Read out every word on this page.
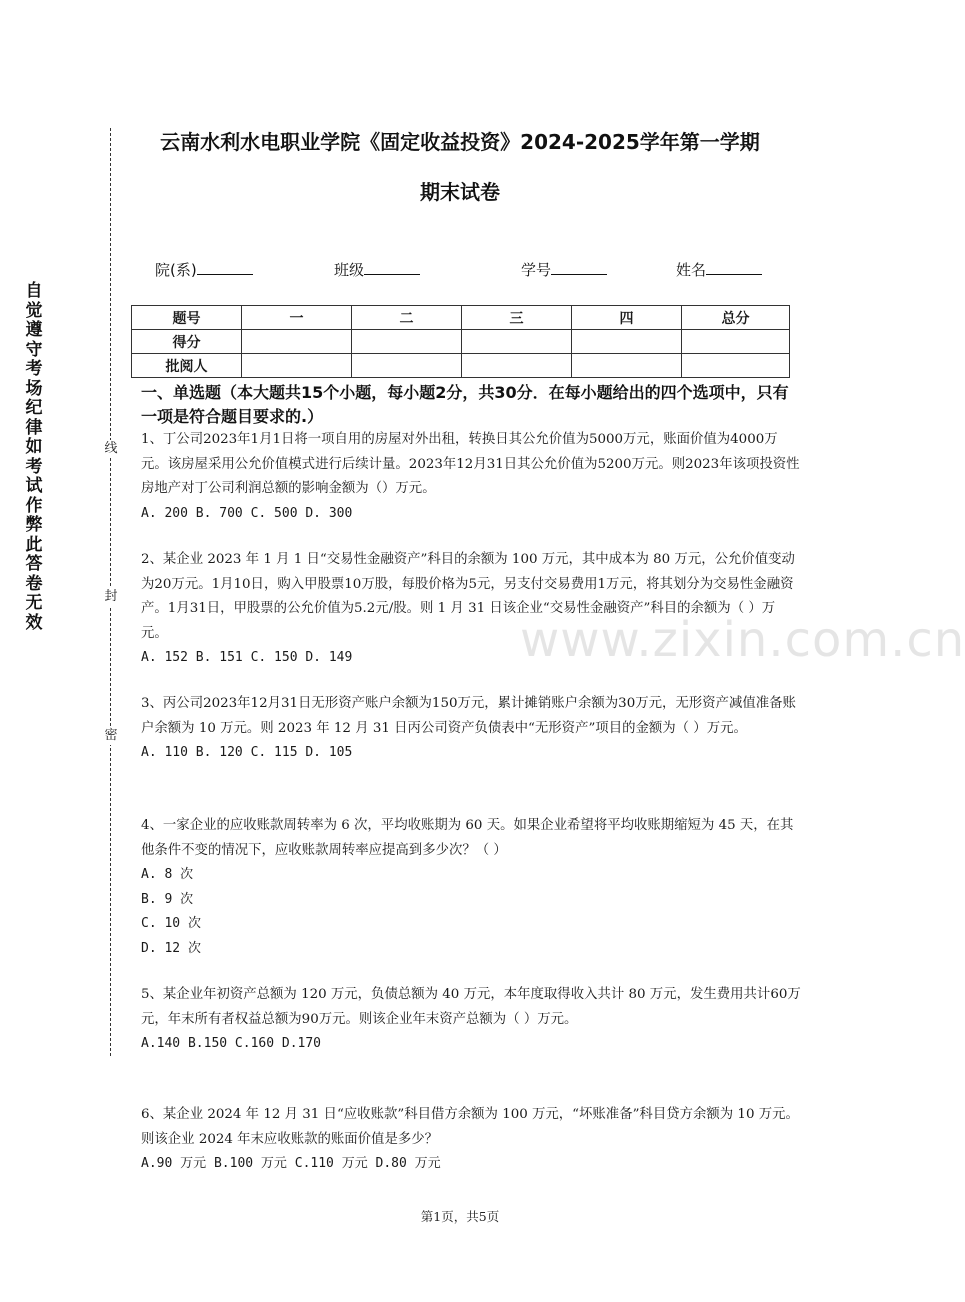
自觉遵守考场纪律如考试作弊此答卷无效
线
封
密
云南水利水电职业学院《固定收益投资》2024-2025学年第一学期
期末试卷
院(系)	班级	学号	姓名
题号	一	二	三	四	总分
得分					
批阅人					
一、单选题（本大题共15个小题，每小题2分，共30分．在每小题给出的四个选项中，只有一项是符合题目要求的.）

1、丁公司2023年1月1日将一项自用的房屋对外出租，转换日其公允价值为5000万元，账面价值为4000万元。该房屋采用公允价值模式进行后续计量。2023年12月31日其公允价值为5200万元。则2023年该项投资性房地产对丁公司利润总额的影响金额为（）万元。

A. 200 B. 700 C. 500 D. 300

2、某企业 2023 年 1 月 1 日“交易性金融资产”科目的余额为 100 万元，其中成本为 80 万元，公允价值变动为20万元。1月10日，购入甲股票10万股，每股价格为5元，另支付交易费用1万元，将其划分为交易性金融资产。1月31日，甲股票的公允价值为5.2元/股。则 1 月 31 日该企业“交易性金融资产”科目的余额为（ ）万元。

A. 152 B. 151 C. 150 D. 149

3、丙公司2023年12月31日无形资产账户余额为150万元，累计摊销账户余额为30万元，无形资产减值准备账户余额为 10 万元。则 2023 年 12 月 31 日丙公司资产负债表中“无形资产”项目的金额为（ ）万元。

A. 110 B. 120 C. 115 D. 105

4、一家企业的应收账款周转率为 6 次，平均收账期为 60 天。如果企业希望将平均收账期缩短为 45 天，在其他条件不变的情况下，应收账款周转率应提高到多少次？（ ）

A. 8 次

B. 9 次

C. 10 次

D. 12 次

5、某企业年初资产总额为 120 万元，负债总额为 40 万元，本年度取得收入共计 80 万元，发生费用共计60万元，年末所有者权益总额为90万元。则该企业年末资产总额为（ ）万元。

A.140 B.150 C.160 D.170

6、某企业 2024 年 12 月 31 日“应收账款”科目借方余额为 100 万元，“坏账准备”科目贷方余额为 10 万元。则该企业 2024 年末应收账款的账面价值是多少？

A.90 万元 B.100 万元 C.110 万元 D.80 万元

www.zixin.com.cn
第1页，共5页
